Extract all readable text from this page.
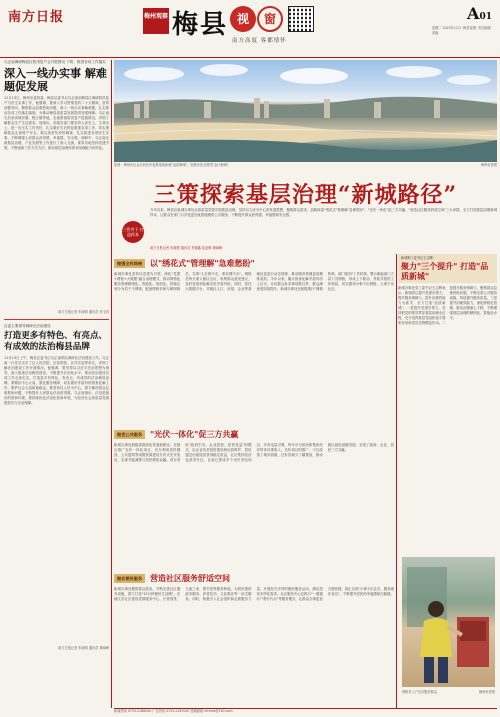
南方日报	梅州观察 梅县 视	窗
南方高度 客都情怀
A01
星期二 2023年11月 ·梅县视窗· 责任编辑 美编
乌正南调研梅县区防汛复产会开展情况 下防、推进各项工作落实
深入一线办实事 解难题促发展
11月13日，梅州市委常委、梅县区委书记乌正南到梅县区调研防汛复产与民生实事工作，他强调，要深入学习贯彻党的二十大精神，坚持问题导向，聚焦群众急难愁盼问题，深入一线办实事解难题，扎实推动各项工作落实落细，为推动梅县高质量发展提供坚强保障。乌正南先后来到城东镇、程江镇等地，实地察看防汛复产进展情况，详细了解群众生产生活需求。他指出，各级各部门要坚持人民至上、生命至上，进一步压实工作责任，扎实做好灾后恢复重建各项工作，切实保障群众生命财产安全。要以高度负责的精神，扎实推进各项民生实事，不断增强人民群众获得感、幸福感、安全感。调研中，乌正南还就基层治理、产业发展等工作进行了深入交流，要求各地坚持党建引领，不断创新工作方式方法，推动基层治理体系和治理能力现代化。
南方日报记者 朱晓倩 通讯员 李玉青
区委主要领导调研区法治建设
打造更多有特色、有亮点、有成效的法治梅县品牌
11月13日上午，梅县区委书记乌正南带队调研区法治建设工作。乌正南一行先后走访了区人民法院、区检察院、区司法局等单位，详细了解法治建设工作开展情况。他强调，要坚持以习近平法治思想为指导，深入推进法治梅县建设，不断提升法治化水平，推动法治建设各项工作走深走实，打造更多有特色、有亮点、有成效的法治梅县品牌。要紧扣中心大局，强化服务保障，切实做好矛盾纠纷排查化解工作，维护社会大局和谐稳定。要坚持以人民为中心，着力解决群众急难愁盼问题，不断提升人民群众法治获得感。乌正南指出，法治是最好的营商环境，要持续优化法治化营商环境，为经济社会高质量发展提供有力法治保障。
南方日报记者 朱晓倩 通讯员 黄晓峰
如图：梅州市区金汁河东岸夜景延续新城"品质梅城"，创建评估全景图"金汁梅城"。	梅州市供图
三策探索基层治理“新城路径”
今年以来，梅县区新城办事处以高质量党建引领基层治理，坚持以人民为中心的发展思想，聚焦群众需求，创新探索"绣花式"管理解"急难愁盼"、"光伏一体化"促三方共赢、"营造社区服务舒适空间"三大举措，全力打造基层治理新城样本，让群众在家门口享受更加优质便捷的公共服务，不断提升群众获得感、幸福感和安全感。
南方日报记者 朱晓倩 通讯员 李瑞鑫 詹亚维 黄晓峰
三管齐下 打造样本
做强全科网格 以"绣花式"管理解"急难愁盼"
新城办事处坚持以党建为引领，深化"党建+网格+大数据"融合治理模式，推动网格化服务管理精细化、智能化、规范化。将辖区划分为若干个网格，配备网格长和专职网格员，实现"人在格中走、事在网中办"。网格员每天深入辖区走访，收集群众意见建议，及时发现和化解各类矛盾纠纷。同时，依托大数据平台，对辖区人口、房屋、企业等基础信息进行动态管理，推动服务管理更加精准高效。今年以来，累计排查化解矛盾纠纷上百宗，办结群众诉求事项数百件，群众满意度持续提升。新城办事处还积极推行"网格吹哨、部门报到"工作机制，整合职能部门力量下沉网格，形成上下联动、齐抓共管的工作格局，切实做到小事不出网格、大事不出社区。
做优公共服务 "光伏一体化"促三方共赢
新城办事处积极探索绿色发展新路径，在辖区推广光伏一体化项目，充分利用居民楼顶、公共建筑等闲置资源建设分布式光伏电站，实现节能减排与居民增收双赢。项目采取"政府引导、企业投资、居民受益"的模式，由企业负责投资建设和运营维护，居民通过出租屋顶获得稳定收益，社区集体经济也获得分红。目前已建成多个光伏发电项目，年发电量可观，每年可为居民和集体经济带来可观收入。光伏项目的推广，不仅改善了城市面貌，还有效减少了碳排放，推动辖区绿色低碳发展，实现了政府、企业、居民三方共赢。
做实便民服务 营造社区服务舒适空间
新城办事处聚焦群众需求，不断完善社区服务设施，着力打造"15分钟便民生活圈"。在辖区各社区建设党群服务中心、长者饭堂、儿童之家、图书室等服务阵地，为居民提供政务服务、养老托幼、文化娱乐等一站式服务。同时，积极引入社会组织和志愿服务力量，开展形式多样的便民服务活动，满足居民多样化需求。社区服务中心还推行"一窗通办""帮办代办"等服务模式，让群众办事更加方便快捷，真正实现"小事不出社区、服务就在身边"，不断提升居民的幸福感和归属感。
新城街工委书记王志辉：
聚力"三个提升" 打造"品质新城"
新城办事处党工委书记王志辉表示，新城将以提升党建引领力、提升服务保障力、提升治理效能力为抓手，全力打造"品质新城"。一是提升党建引领力，坚持把党的领导贯穿基层治理全过程，充分发挥基层党组织战斗堡垒作用和党员先锋模范作用。二是提升服务保障力，聚焦群众急难愁盼问题，不断完善公共服务设施，持续提升服务质量。三是提升治理效能力，深化网格化管理，推动治理重心下移，不断增强基层治理的精细化、智能化水平。
网格员入户走访服务群众	梅州市供图
新闻热线 0753-2186000 广告热线 0753-2187000 投稿邮箱 nfrbmz@163.com
